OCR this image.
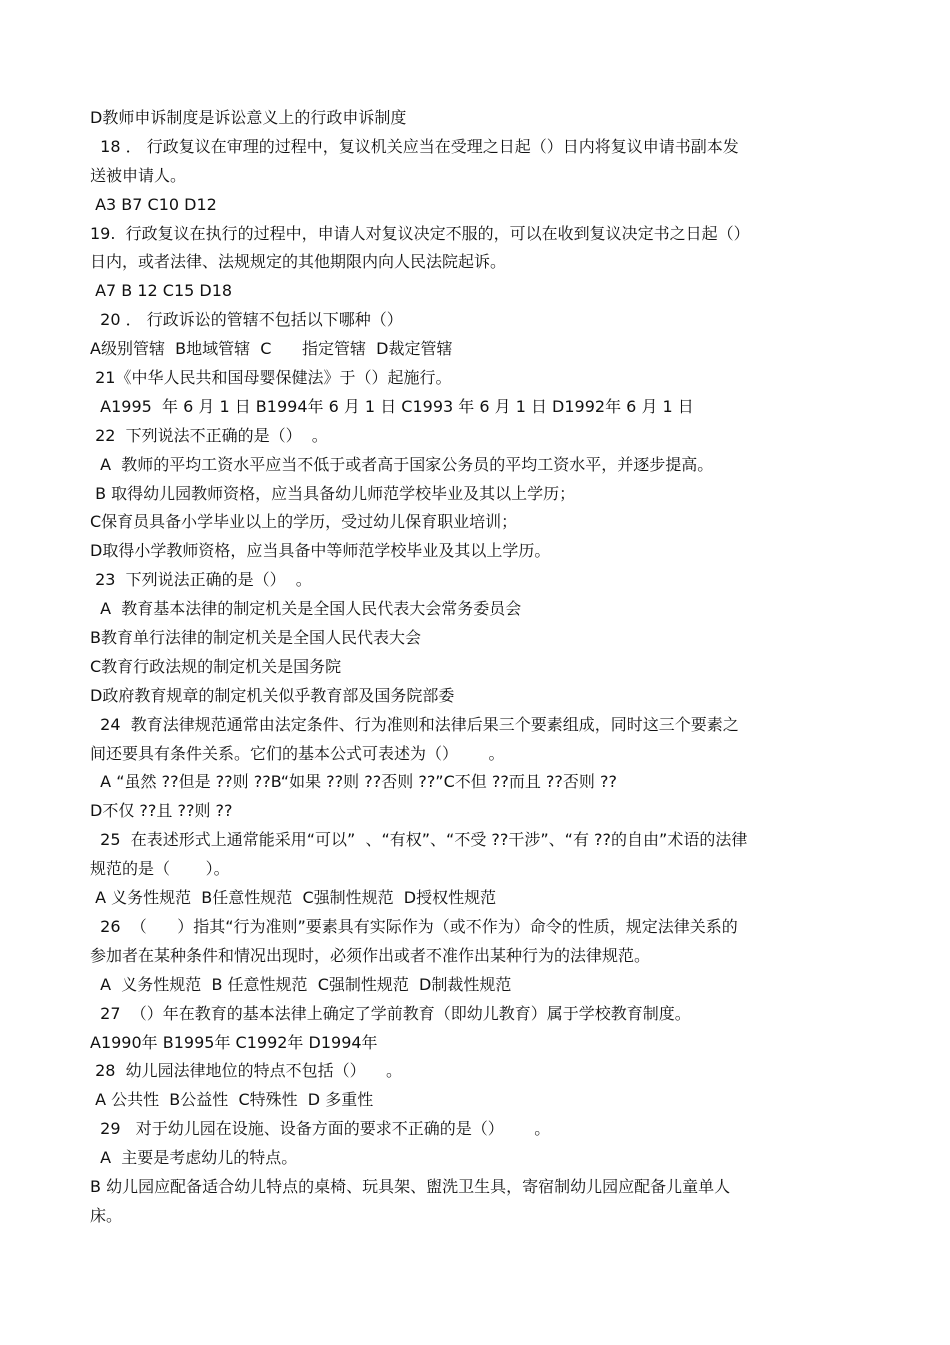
D教师申诉制度是诉讼意义上的行政申诉制度
18 ． 行政复议在审理的过程中，复议机关应当在受理之日起（）日内将复议申请书副本发
送被申请人。
A3 B7 C10 D12
19.  行政复议在执行的过程中，申请人对复议决定不服的，可以在收到复议决定书之日起（）
日内，或者法律、法规规定的其他期限内向人民法院起诉。
A7 B 12 C15 D18
20 ． 行政诉讼的管辖不包括以下哪种（）
A级别管辖  B地域管辖  C      指定管辖  D裁定管辖
21《中华人民共和国母婴保健法》于（）起施行。
A1995  年 6 月 1 日 B1994年 6 月 1 日 C1993 年 6 月 1 日 D1992年 6 月 1 日
22  下列说法不正确的是（）  。
A  教师的平均工资水平应当不低于或者高于国家公务员的平均工资水平，并逐步提高。
B 取得幼儿园教师资格，应当具备幼儿师范学校毕业及其以上学历；
C保育员具备小学毕业以上的学历，受过幼儿保育职业培训；
D取得小学教师资格，应当具备中等师范学校毕业及其以上学历。
23  下列说法正确的是（）  。
A  教育基本法律的制定机关是全国人民代表大会常务委员会
B教育单行法律的制定机关是全国人民代表大会
C教育行政法规的制定机关是国务院
D政府教育规章的制定机关似乎教育部及国务院部委
24  教育法律规范通常由法定条件、行为准则和法律后果三个要素组成，同时这三个要素之
间还要具有条件关系。它们的基本公式可表述为（）      。
A “虽然 ??但是 ??则 ??B“如果 ??则 ??否则 ??”C不但 ??而且 ??否则 ??
D不仅 ??且 ??则 ??
25  在表述形式上通常能采用“可以”  、“有权”、“不受 ??干涉”、“有 ??的自由”术语的法律
规范的是（       ）。
A 义务性规范  B任意性规范  C强制性规范  D授权性规范
26  （      ）指其“行为准则”要素具有实际作为（或不作为）命令的性质，规定法律关系的
参加者在某种条件和情况出现时，必须作出或者不准作出某种行为的法律规范。
A  义务性规范  B 任意性规范  C强制性规范  D制裁性规范
27  （）年在教育的基本法律上确定了学前教育（即幼儿教育）属于学校教育制度。
A1990年 B1995年 C1992年 D1994年
28  幼儿园法律地位的特点不包括（）    。
A 公共性  B公益性  C特殊性  D 多重性
29   对于幼儿园在设施、设备方面的要求不正确的是（）      。
A  主要是考虑幼儿的特点。
B 幼儿园应配备适合幼儿特点的桌椅、玩具架、盥洗卫生具，寄宿制幼儿园应配备儿童单人
床。
